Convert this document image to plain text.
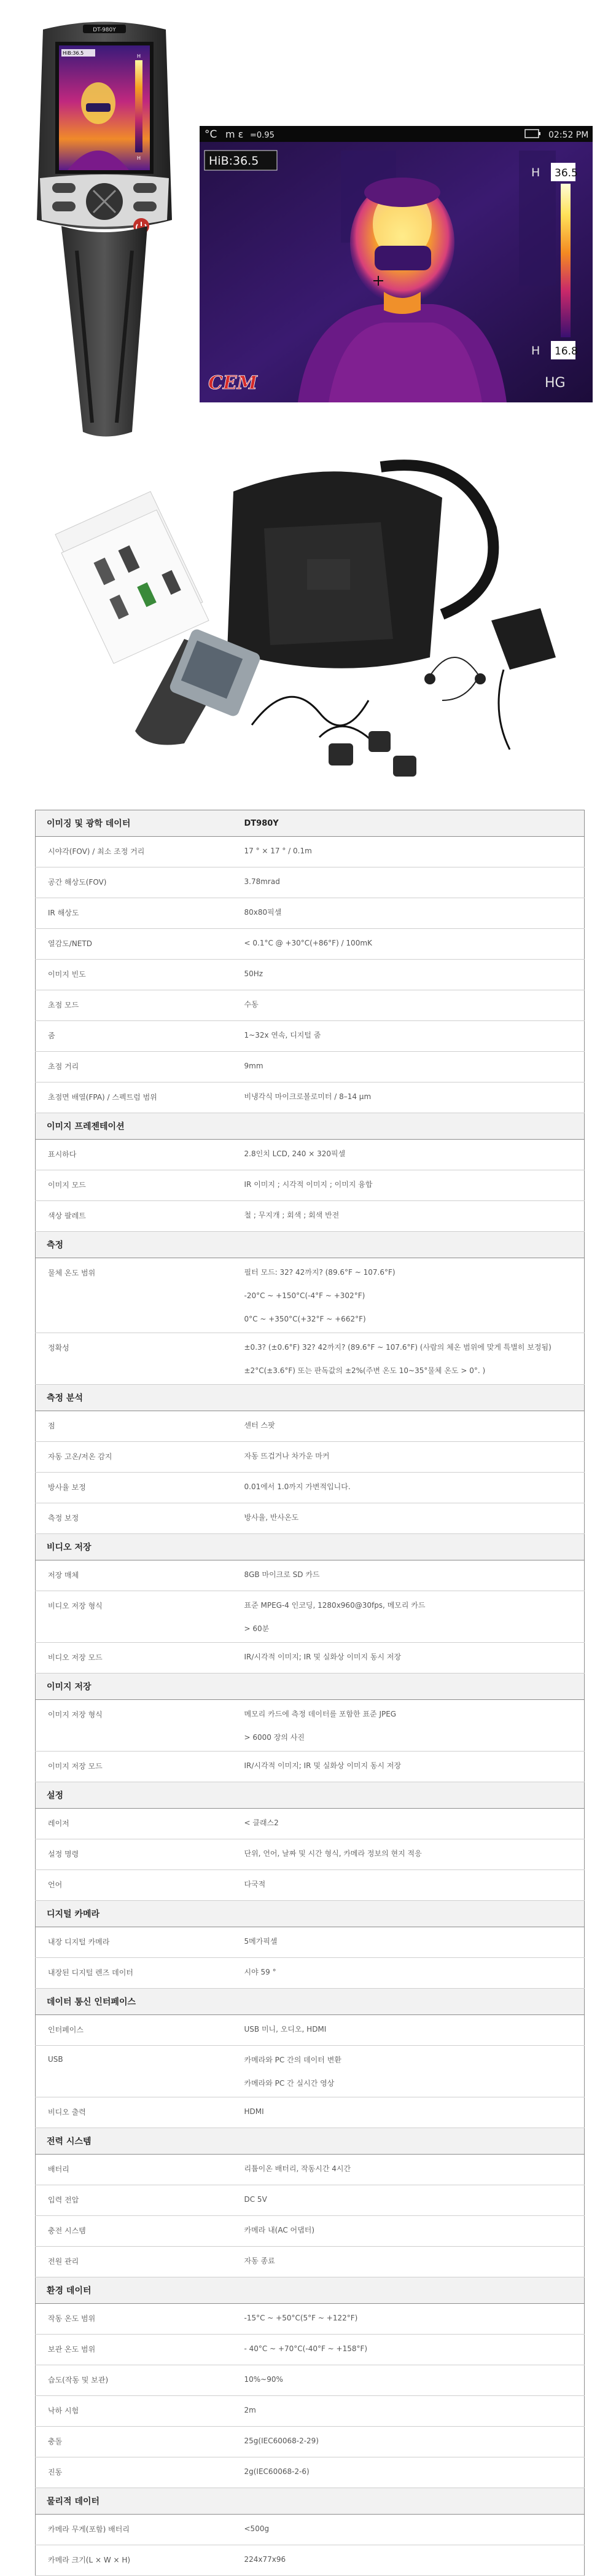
DT-980Y
HiB:36.5
H
H
°C m ε =0.95	02:52 PM
HiB:36.5
36.5
H
16.8
H
HG
CEM
이미징 및 광학 데이터	DT980Y
시야각(FOV) / 최소 조정 거리	17 ° × 17 ° / 0.1m

공간 해상도(FOV)	3.78mrad

IR 해상도	80x80픽셀

열감도/NETD	< 0.1°C @ +30°C(+86°F) / 100mK

이미지 빈도	50Hz

초점 모드	수동

줌	1~32x 연속, 디지털 줌

초점 거리	9mm

초점면 배열(FPA) / 스펙트럼 범위	비냉각식 마이크로볼로미터 / 8–14 μm

이미지 프레젠테이션	
표시하다	2.8인치 LCD, 240 × 320픽셀

이미지 모드	IR 이미지 ; 시각적 이미지 ; 이미지 융합

색상 팔레트	철 ; 무지개 ; 회색 ; 회색 반전

측정	
물체 온도 범위	필터 모드: 32? 42까지? (89.6°F ~ 107.6°F)
-20°C ~ +150°C(-4°F ~ +302°F)
0°C ~ +350°C(+32°F ~ +662°F)

정확성	±0.3? (±0.6°F) 32? 42까지? (89.6°F ~ 107.6°F) (사람의 체온 범위에 맞게 특별히 보정됨)
±2°C(±3.6°F) 또는 판독값의 ±2%(주변 온도 10~35°물체 온도 > 0°. )

측정 분석	
점	센터 스팟

자동 고온/저온 감지	자동 뜨겁거나 차가운 마커

방사율 보정	0.01에서 1.0까지 가변적입니다.

측정 보정	방사율, 반사온도

비디오 저장	
저장 매체	8GB 마이크로 SD 카드

비디오 저장 형식	표준 MPEG-4 인코딩, 1280x960@30fps, 메모리 카드
> 60분

비디오 저장 모드	IR/시각적 이미지; IR 및 실화상 이미지 동시 저장

이미지 저장	
이미지 저장 형식	메모리 카드에 측정 데이터를 포함한 표준 JPEG
> 6000 장의 사진

이미지 저장 모드	IR/시각적 이미지; IR 및 실화상 이미지 동시 저장

설정	
레이저	< 클래스2

설정 명령	단위, 언어, 날짜 및 시간 형식, 카메라 정보의 현지 적응

언어	다국적

디지털 카메라	
내장 디지털 카메라	5메가픽셀

내장된 디지털 렌즈 데이터	시야 59 °

데이터 통신 인터페이스	
인터페이스	USB 미니, 오디오, HDMI

USB	카메라와 PC 간의 데이터 변환
카메라와 PC 간 실시간 영상

비디오 출력	HDMI

전력 시스템	
배터리	리튬이온 배터리, 작동시간 4시간

입력 전압	DC 5V

충전 시스템	카메라 내(AC 어댑터)

전원 관리	자동 종료

환경 데이터	
작동 온도 범위	-15°C ~ +50°C(5°F ~ +122°F)

보관 온도 범위	- 40°C ~ +70°C(-40°F ~ +158°F)

습도(작동 및 보관)	10%~90%

낙하 시험	2m

충돌	25g(IEC60068-2-29)

진동	2g(IEC60068-2-6)

물리적 데이터	
카메라 무게(포함) 배터리	<500g

카메라 크기(L × W × H)	224x77x96
